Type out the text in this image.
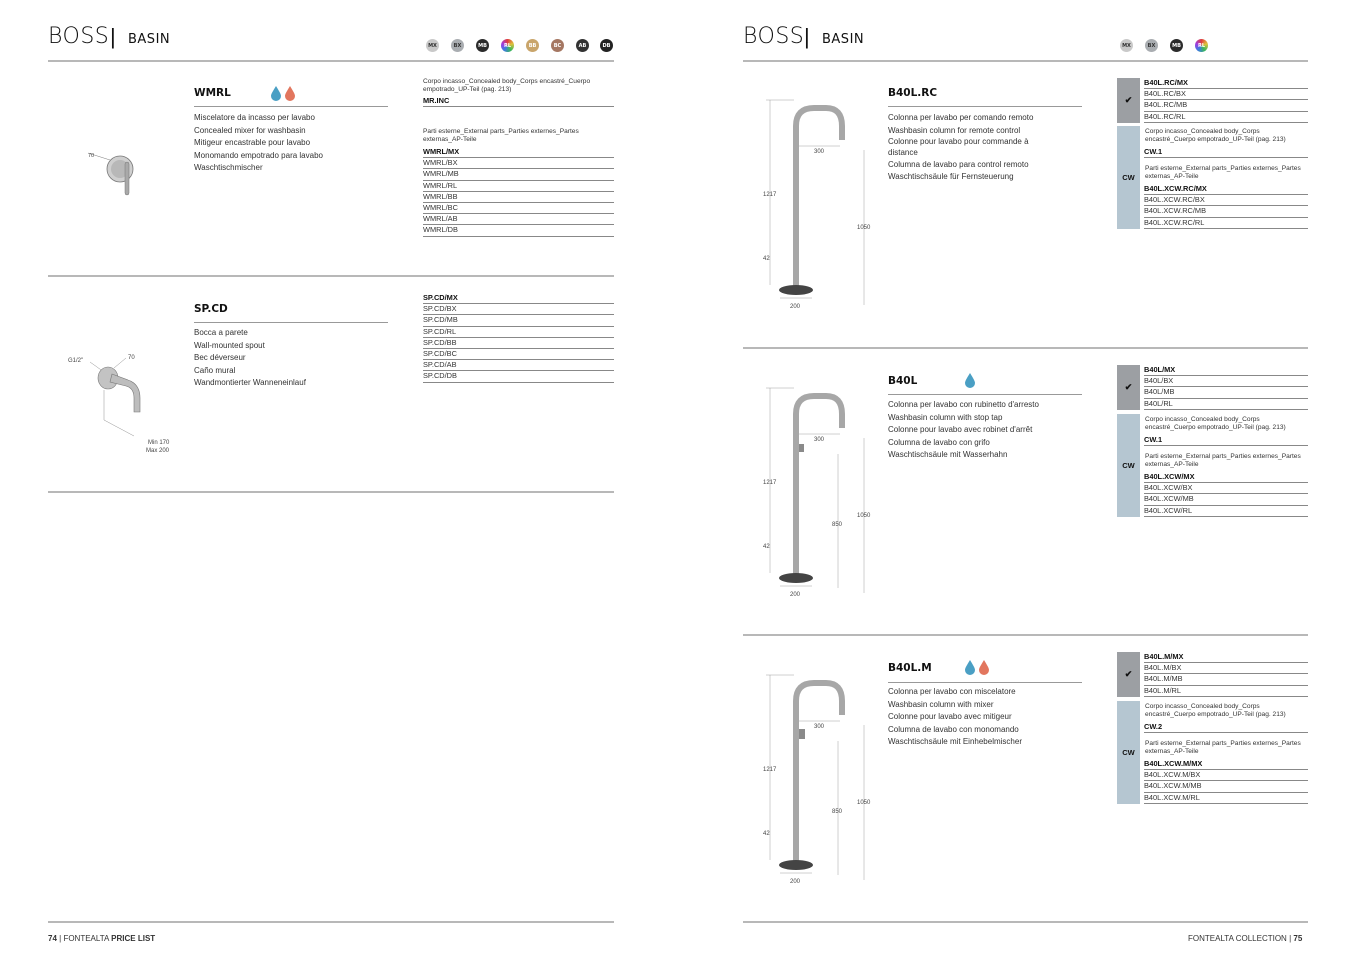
BOSS | BASIN	MX	BX	MB	RL	BB	BC	AB	DB
70
WMRL
Miscelatore da incasso per lavabo
Concealed mixer for washbasin
Mitigeur encastrable pour lavabo
Monomando empotrado para lavabo
Waschtischmischer
Corpo incasso_Concealed body_Corps encastré_Cuerpo empotrado_UP-Teil (pag. 213)
MR.INC
Parti esterne_External parts_Parties externes_Partes externas_AP-Teile
WMRL/MX
WMRL/BX
WMRL/MB
WMRL/RL
WMRL/BB
WMRL/BC
WMRL/AB
WMRL/DB
G1/2"	70
Min 170
Max 200
SP.CD
Bocca a parete
Wall-mounted spout
Bec déverseur
Caño mural
Wandmontierter Wanneneinlauf
SP.CD/MX
SP.CD/BX
SP.CD/MB
SP.CD/RL
SP.CD/BB
SP.CD/BC
SP.CD/AB
SP.CD/DB
74 | FONTEALTA PRICE LIST
BOSS | BASIN	MX	BX	MB	RL
1217
42
1050
300
200
B40L.RC
Colonna per lavabo per comando remoto
Washbasin column for remote control
Colonne pour lavabo pour commande à
distance
Columna de lavabo para control remoto
Waschtischsäule für Fernsteuerung
✔
B40L.RC/MX
B40L.RC/BX
B40L.RC/MB
B40L.RC/RL
CW
Corpo incasso_Concealed body_Corps encastré_Cuerpo empotrado_UP-Teil (pag. 213)
CW.1
Parti esterne_External parts_Parties externes_Partes externas_AP-Teile
B40L.XCW.RC/MX
B40L.XCW.RC/BX
B40L.XCW.RC/MB
B40L.XCW.RC/RL
1217
42
1050
850
300
200
B40L
Colonna per lavabo con rubinetto d'arresto
Washbasin column with stop tap
Colonne pour lavabo avec robinet d'arrêt
Columna de lavabo con grifo
Waschtischsäule mit Wasserhahn
✔
B40L/MX
B40L/BX
B40L/MB
B40L/RL
CW
Corpo incasso_Concealed body_Corps encastré_Cuerpo empotrado_UP-Teil (pag. 213)
CW.1
Parti esterne_External parts_Parties externes_Partes externas_AP-Teile
B40L.XCW/MX
B40L.XCW/BX
B40L.XCW/MB
B40L.XCW/RL
1217
42
1050
850
300
200
B40L.M
Colonna per lavabo con miscelatore
Washbasin column with mixer
Colonne pour lavabo avec mitigeur
Columna de lavabo con monomando
Waschtischsäule mit Einhebelmischer
✔
B40L.M/MX
B40L.M/BX
B40L.M/MB
B40L.M/RL
CW
Corpo incasso_Concealed body_Corps encastré_Cuerpo empotrado_UP-Teil (pag. 213)
CW.2
Parti esterne_External parts_Parties externes_Partes externas_AP-Teile
B40L.XCW.M/MX
B40L.XCW.M/BX
B40L.XCW.M/MB
B40L.XCW.M/RL
FONTEALTA COLLECTION | 75
